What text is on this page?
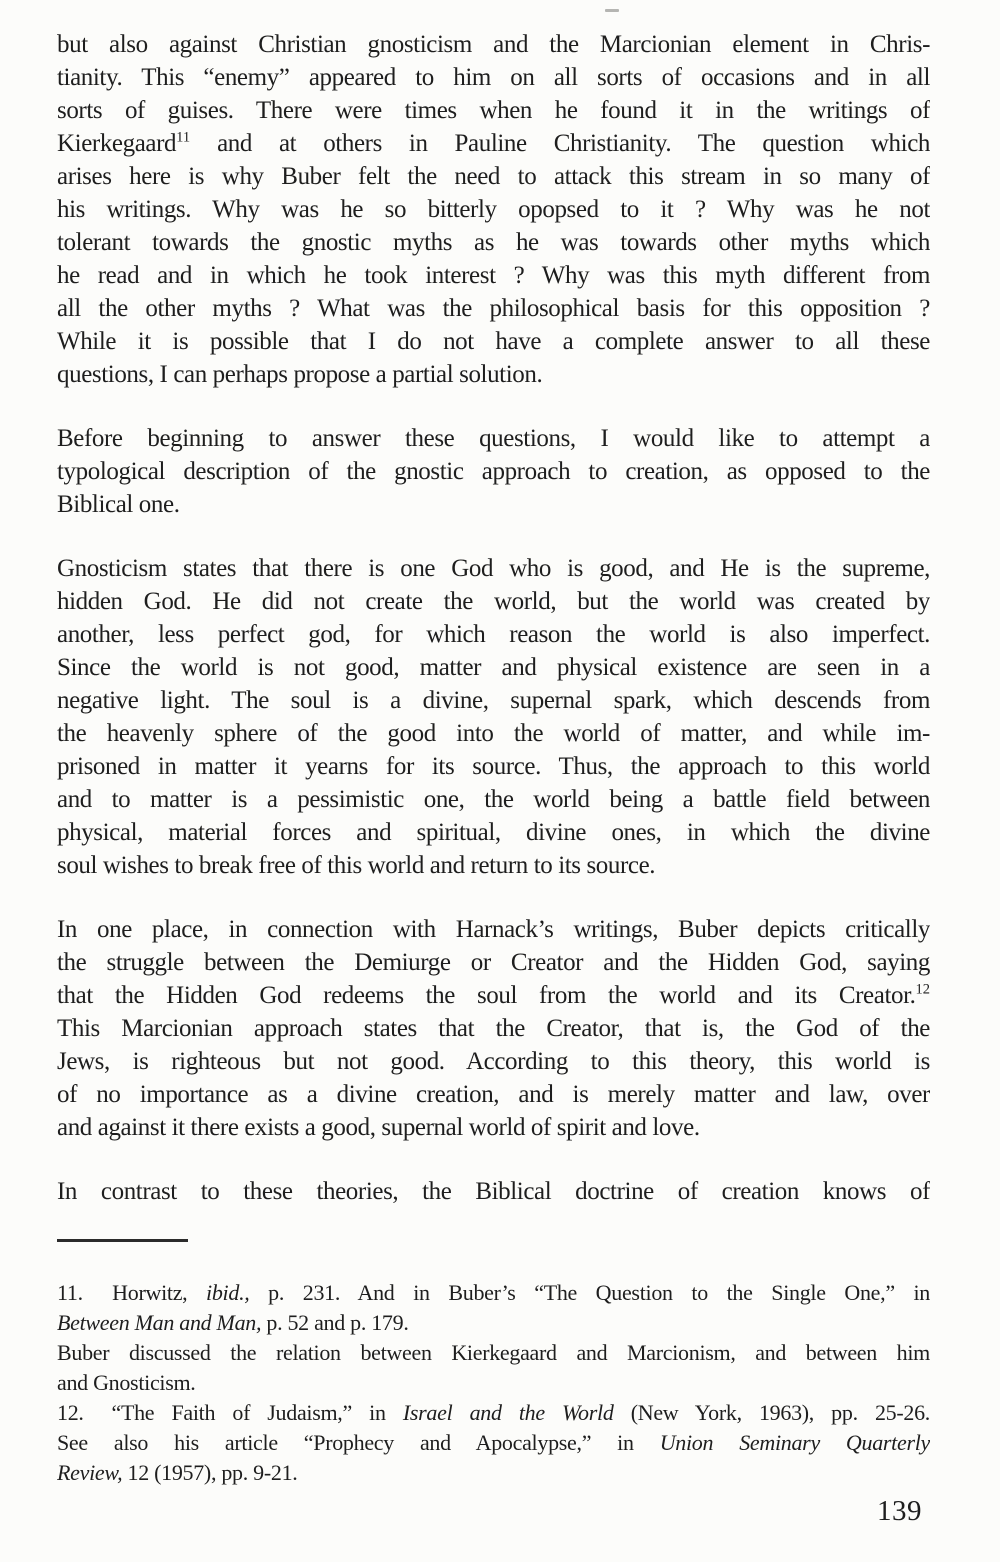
but also against Christian gnosticism and the Marcionian element in Chris-
tianity. This “enemy” appeared to him on all sorts of occasions and in all
sorts of guises. There were times when he found it in the writings of
Kierkegaard$^{11}$ and at others in Pauline Christianity. The question which
arises here is why Buber felt the need to attack this stream in so many of
his writings. Why was he so bitterly opopsed to it ? Why was he not
tolerant towards the gnostic myths as he was towards other myths which
he read and in which he took interest ? Why was this myth different from
all the other myths ? What was the philosophical basis for this opposition ?
While it is possible that I do not have a complete answer to all these
questions, I can perhaps propose a partial solution.
Before beginning to answer these questions, I would like to attempt a
typological description of the gnostic approach to creation, as opposed to the
Biblical one.
Gnosticism states that there is one God who is good, and He is the supreme,
hidden God. He did not create the world, but the world was created by
another, less perfect god, for which reason the world is also imperfect.
Since the world is not good, matter and physical existence are seen in a
negative light. The soul is a divine, supernal spark, which descends from
the heavenly sphere of the good into the world of matter, and while im-
prisoned in matter it yearns for its source. Thus, the approach to this world
and to matter is a pessimistic one, the world being a battle field between
physical, material forces and spiritual, divine ones, in which the divine
soul wishes to break free of this world and return to its source.
In one place, in connection with Harnack’s writings, Buber depicts critically
the struggle between the Demiurge or Creator and the Hidden God, saying
that the Hidden God redeems the soul from the world and its Creator.$^{12}$
This Marcionian approach states that the Creator, that is, the God of the
Jews, is righteous but not good. According to this theory, this world is
of no importance as a divine creation, and is merely matter and law, over
and against it there exists a good, supernal world of spirit and love.
In contrast to these theories, the Biblical doctrine of creation knows of
11.  Horwitz, ibid., p. 231. And in Buber’s “The Question to the Single One,” in
Between Man and Man, p. 52 and p. 179.
Buber discussed the relation between Kierkegaard and Marcionism, and between him
and Gnosticism.
12.  “The Faith of Judaism,” in Israel and the World (New York, 1963), pp. 25-26.
See also his article “Prophecy and Apocalypse,” in Union Seminary Quarterly
Review, 12 (1957), pp. 9-21.
139
